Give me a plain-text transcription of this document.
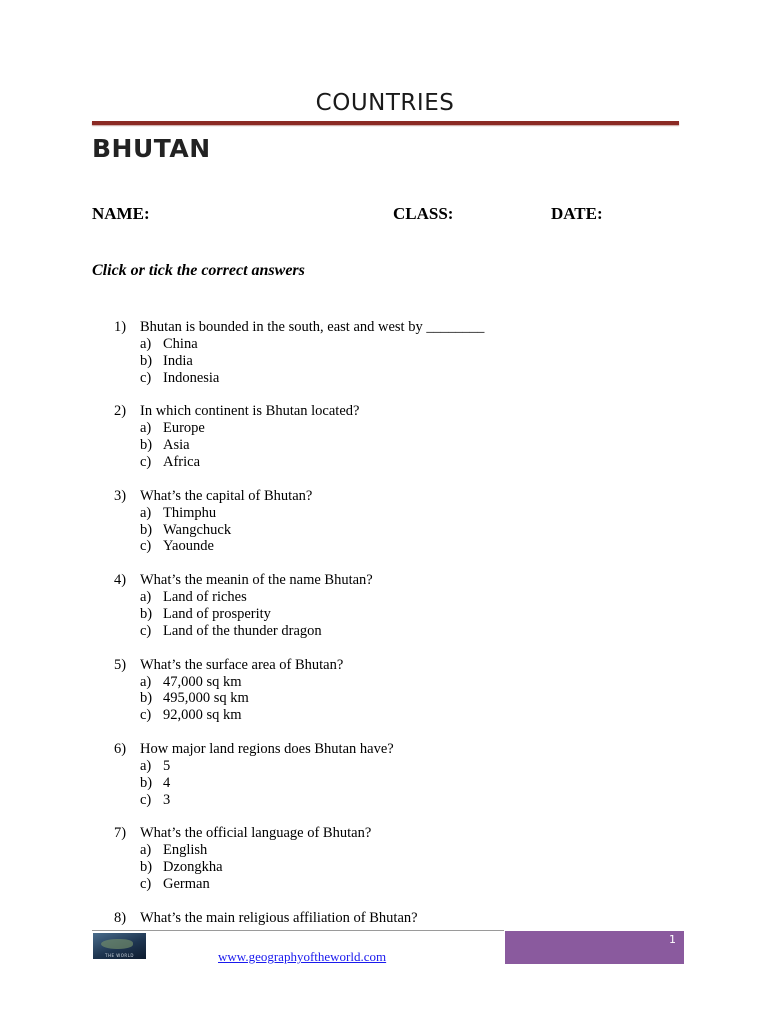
COUNTRIES
BHUTAN
NAME:	CLASS:	DATE:
Click or tick the correct answers
1) Bhutan is bounded in the south, east and west by ________
a) China
b) India
c) Indonesia
2) In which continent is Bhutan located?
a) Europe
b) Asia
c) Africa
3) What’s the capital of Bhutan?
a) Thimphu
b) Wangchuck
c) Yaounde
4) What’s the meanin of the name Bhutan?
a) Land of riches
b) Land of prosperity
c) Land of the thunder dragon
5) What’s the surface area of Bhutan?
a) 47,000 sq km
b) 495,000 sq km
c) 92,000 sq km
6) How major land regions does Bhutan have?
a) 5
b) 4
c) 3
7) What’s the official language of Bhutan?
a) English
b) Dzongkha
c) German
8) What’s the main religious affiliation of Bhutan?
THE WORLD	www.geographyoftheworld.com
1
